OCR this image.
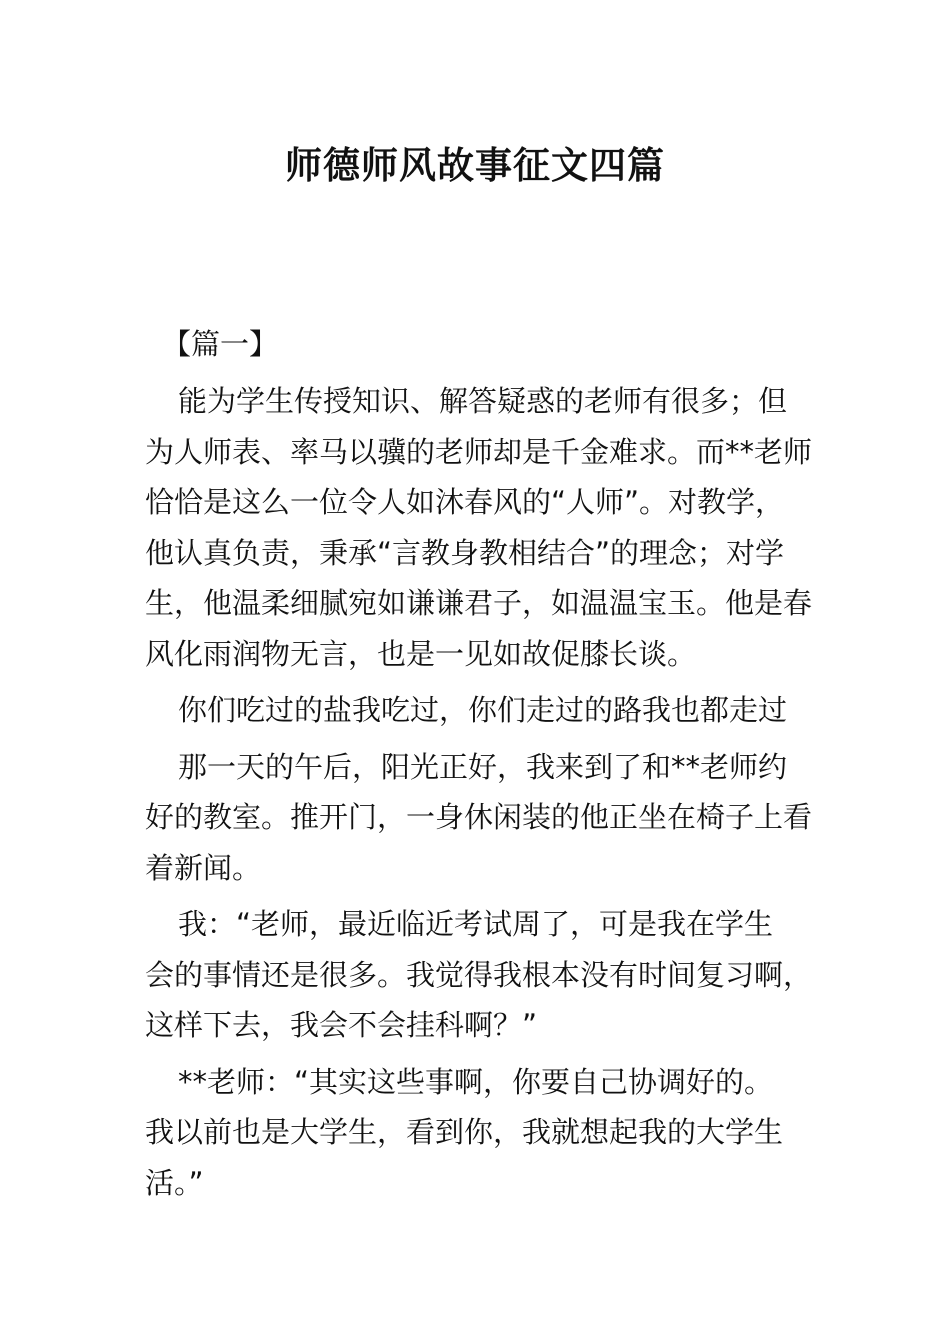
师德师风故事征文四篇
【篇一】

能为学生传授知识、解答疑惑的老师有很多；但
为人师表、率马以骥的老师却是千金难求。而**老师
恰恰是这么一位令人如沐春风的“人师”。对教学，
他认真负责，秉承“言教身教相结合”的理念；对学
生，他温柔细腻宛如谦谦君子，如温温宝玉。他是春
风化雨润物无言，也是一见如故促膝长谈。

你们吃过的盐我吃过，你们走过的路我也都走过

那一天的午后，阳光正好，我来到了和**老师约
好的教室。推开门，一身休闲装的他正坐在椅子上看
着新闻。

我：“老师，最近临近考试周了，可是我在学生
会的事情还是很多。我觉得我根本没有时间复习啊，
这样下去，我会不会挂科啊？”

**老师：“其实这些事啊，你要自己协调好的。
我以前也是大学生，看到你，我就想起我的大学生
活。”
